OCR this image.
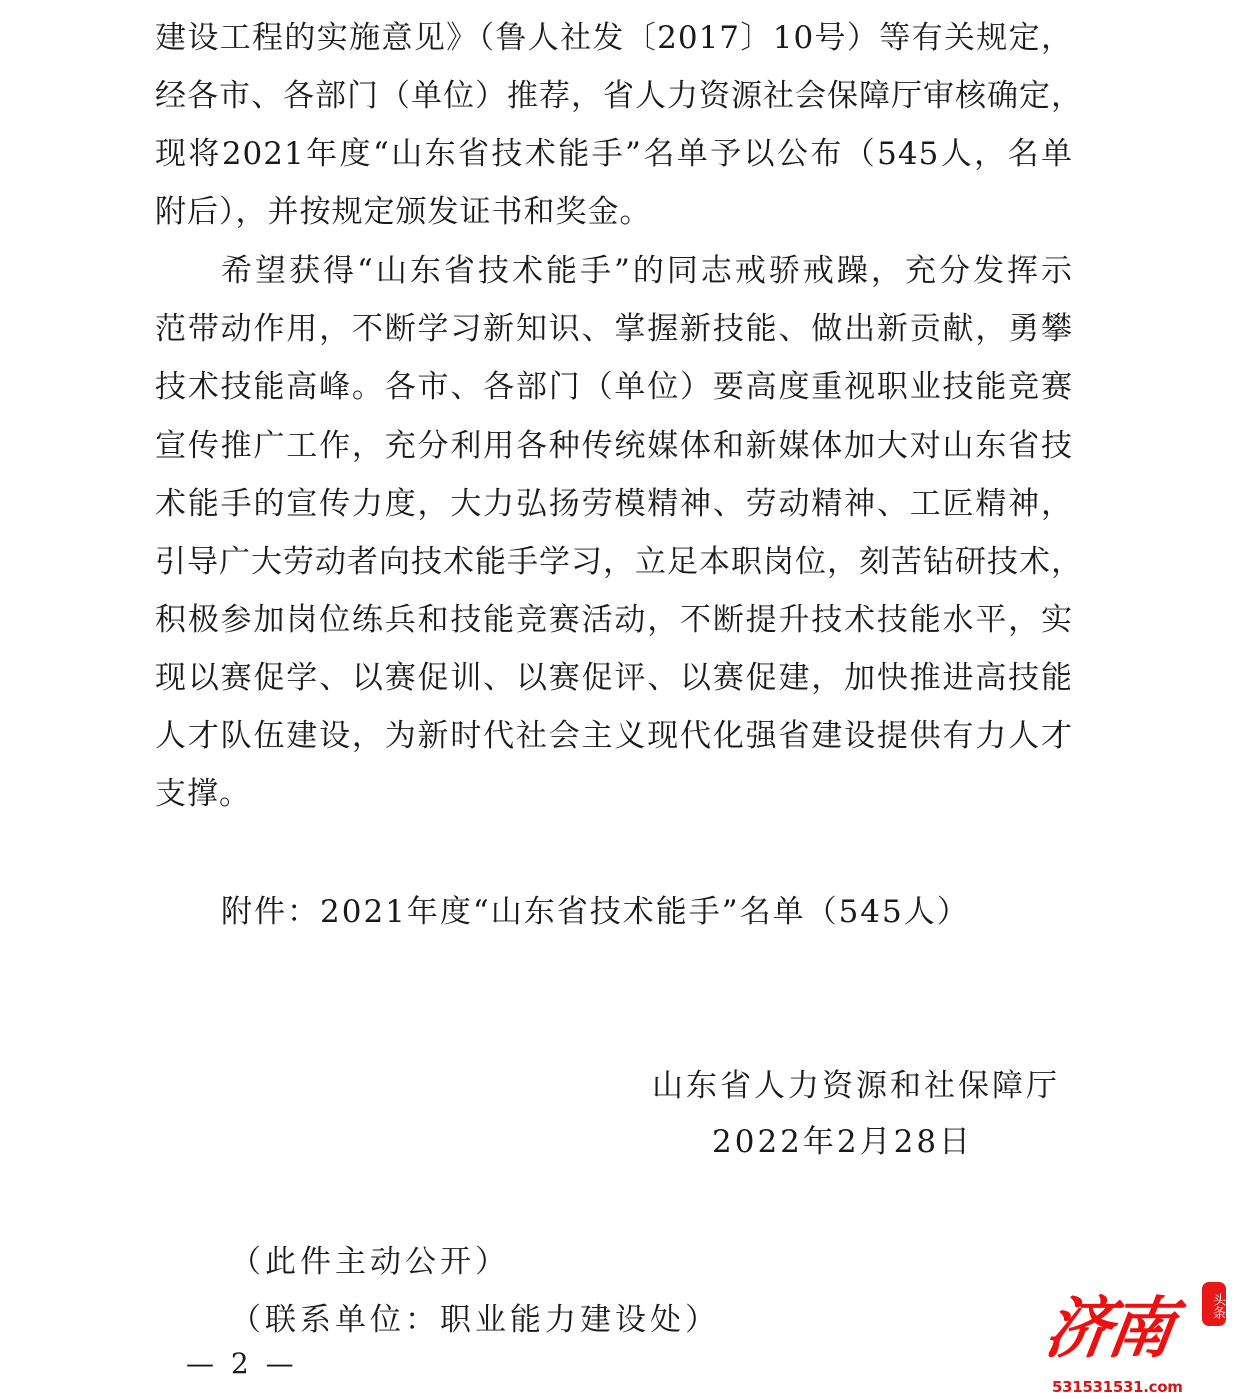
建设工程的实施意见》（鲁人社发〔2017〕10号）等有关规定，
经各市、各部门（单位）推荐，省人力资源社会保障厅审核确定，
现将2021年度“山东省技术能手”名单予以公布（545人，名单
附后），并按规定颁发证书和奖金。
希望获得“山东省技术能手”的同志戒骄戒躁，充分发挥示
范带动作用，不断学习新知识、掌握新技能、做出新贡献，勇攀
技术技能高峰。各市、各部门（单位）要高度重视职业技能竞赛
宣传推广工作，充分利用各种传统媒体和新媒体加大对山东省技
术能手的宣传力度，大力弘扬劳模精神、劳动精神、工匠精神，
引导广大劳动者向技术能手学习，立足本职岗位，刻苦钻研技术，
积极参加岗位练兵和技能竞赛活动，不断提升技术技能水平，实
现以赛促学、以赛促训、以赛促评、以赛促建，加快推进高技能
人才队伍建设，为新时代社会主义现代化强省建设提供有力人才
支撑。
附件：2021年度“山东省技术能手”名单（545人）
山东省人力资源和社保障厅
2022年2月28日
（此件主动公开）
（联系单位：职业能力建设处）
— 2 —	济南	头条
531531531.com
